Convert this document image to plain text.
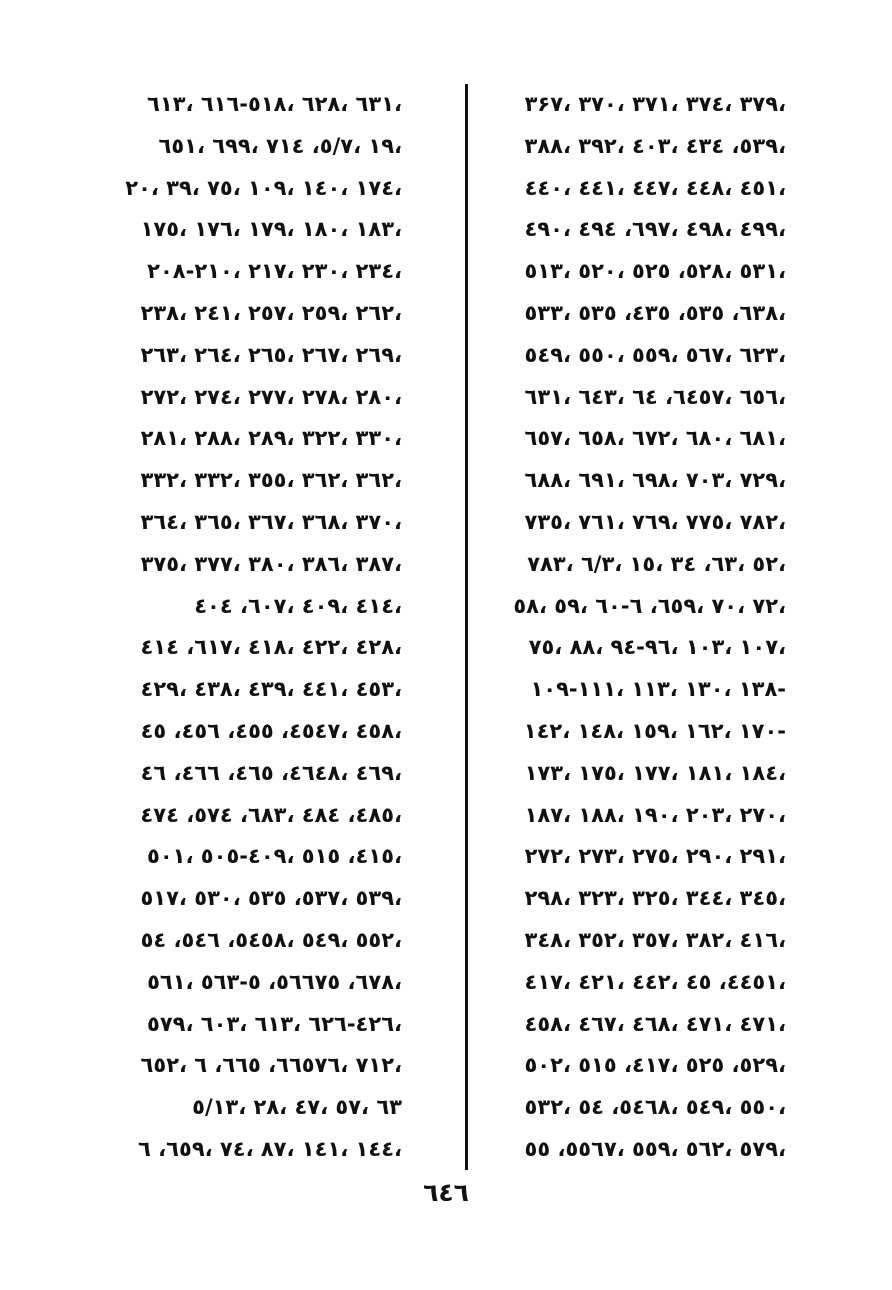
۳۶۷، ۳۷۰، ۳۷۱، ۳۷٤، ۳۷۹،
۳۸۸، ۳۹۲، ٤۰۳، ٤۳٥، ٤۳۹،
٤٤۰، ٤٤۱، ٤٤۷، ٤٤۸، ٤٥۱،
٤۹۰، ٤۹٦، ٤۹۷، ٤۹۸، ٤۹۹،
٥۱۳، ٥۲۰، ٥۲٥، ٥۲۸، ٥۳۱،
٥۳۳، ٥۳٤، ٥۳٥، ٥۳٦، ٥۳۸،
٥٤۹، ٥٥۰، ٥٥۹، ٥٦۷، ٦۲۳،
٦۳۱، ٦٤۳، ٦٤٥، ٦٤۷، ٦٥٦،
٦٥۷، ٦٥۸، ٦۷۲، ٦۸۰، ٦۸۱،
٦۸۸، ٦۹۱، ٦۹۸، ۷۰۳، ۷۲۹،
۷۳٥، ۷٦۱، ۷٦۹، ۷۷٥، ۷۸۲،
۷۸۳، ٦/۳، ۱٥، ۳٦، ٤۳، ٥۲،
٥۸، ٥۹، ٦۰-٦٥، ٦۹، ۷۰، ۷۲،
۷٥، ۸۸، ۹٤-۹٦، ۱۰۳، ۱۰۷،
۱۰۹-۱۱۱، ۱۱۳، ۱۳۰، ۱۳۸-
۱٤۲، ۱٤۸، ۱٥۹، ۱٦۲، ۱۷۰-
۱۷۳، ۱۷٥، ۱۷۷، ۱۸۱، ۱۸٤،
۱۸۷، ۱۸۸، ۱۹۰، ۲۰۳، ۲۷۰،
۲۷۲، ۲۷۳، ۲۷٥، ۲۹۰، ۲۹۱،
۲۹۸، ۳۲۳، ۳۲٥، ۳٤٤، ۳٤٥،
۳٤۸، ۳٥۲، ۳٥۷، ۳۸۲، ٤۱٦،
٤۱۷، ٤۲۱، ٤٤۲، ٤٤٥، ٤٥۱،
٤٥۸، ٤٦۷، ٤٦۸، ٤۷۱، ٤۷۱،
٥۰۲، ٥۱٤، ٥۱۷، ٥۲٥، ٥۲۹،
٥۳۲، ٥٤٦، ٥٤۸، ٥٤۹، ٥٥۰،
٥٥٦، ٥٥۷، ٥٥۹، ٥٦۲، ٥۷۹،
٦۱۳، ٦۱٥-٦۱۸، ٦۲۸، ٦۳۱،
٦٥۱، ٦۹۹، ۷۱٥، ٤/۷، ۱۹،
۲۰، ۳۹، ۷٥، ۱۰۹، ۱٤۰، ۱۷٤،
۱۷٥، ۱۷٦، ۱۷۹، ۱۸۰، ۱۸۳،
۲۰۸-۲۱۰، ۲۱۷، ۲۳۰، ۲۳٤،
۲۳۸، ۲٤۱، ۲٥۷، ۲٥۹، ۲٦۲،
۲٦۳، ۲٦٤، ۲٦٥، ۲٦۷، ۲٦۹،
۲۷۲، ۲۷٤، ۲۷۷، ۲۷۸، ۲۸۰،
۲۸۱، ۲۸۸، ۲۸۹، ۳۲۲، ۳۳۰،
۳۳۲، ۳۳۲، ۳٥٥، ۳٦۲، ۳٦۲،
۳٦٤، ۳٦٥، ۳٦۷، ۳٦۸، ۳۷۰،
۳۷٥، ۳۷۷، ۳۸۰، ۳۸٦، ۳۸۷،
٤۰٦، ٤۰۷، ٤۰۹، ٤۱٤،
٤۱٦، ٤۱۷، ٤۱۸، ٤۲۲، ٤۲۸،
٤۲۹، ٤۳۸، ٤۳۹، ٤٤۱، ٤٥۳،
٤٥٤، ٤٥٥، ٤٥٦، ٤٥۷، ٤٥۸،
٤٦٤، ٤٦٥، ٤٦٦، ٤٦۸، ٤٦۹،
٤۷٥، ٤۷٦، ٤۸۳، ٤۸٤، ٤۸٥،
٥۰۱، ٥۰٤-٥۰۹، ٥۱٤، ٥۱٥،
٥۱۷، ٥۳۰، ٥۳٥، ٥۳۷، ٥۳۹،
٥٤٥، ٥٤٦، ٥٤۸، ٥٤۹، ٥٥۲،
٥٦۱، ٥٦۳-٥٦٦، ٥۷٦، ٥۷۸،
٥۷۹، ٦۰۳، ٦۱۳، ٦۲٤-٦۲٦،
٦٥۲، ٦٦٥، ٦٦٥، ٦۷٦، ۷۱۲،
٥/۱۳، ۲۸، ٤۷، ٥۷، ٦۳
٦٥، ٦۹، ۷٤، ۸۷، ۱٤۱، ۱٤٤،
٦٤٦
